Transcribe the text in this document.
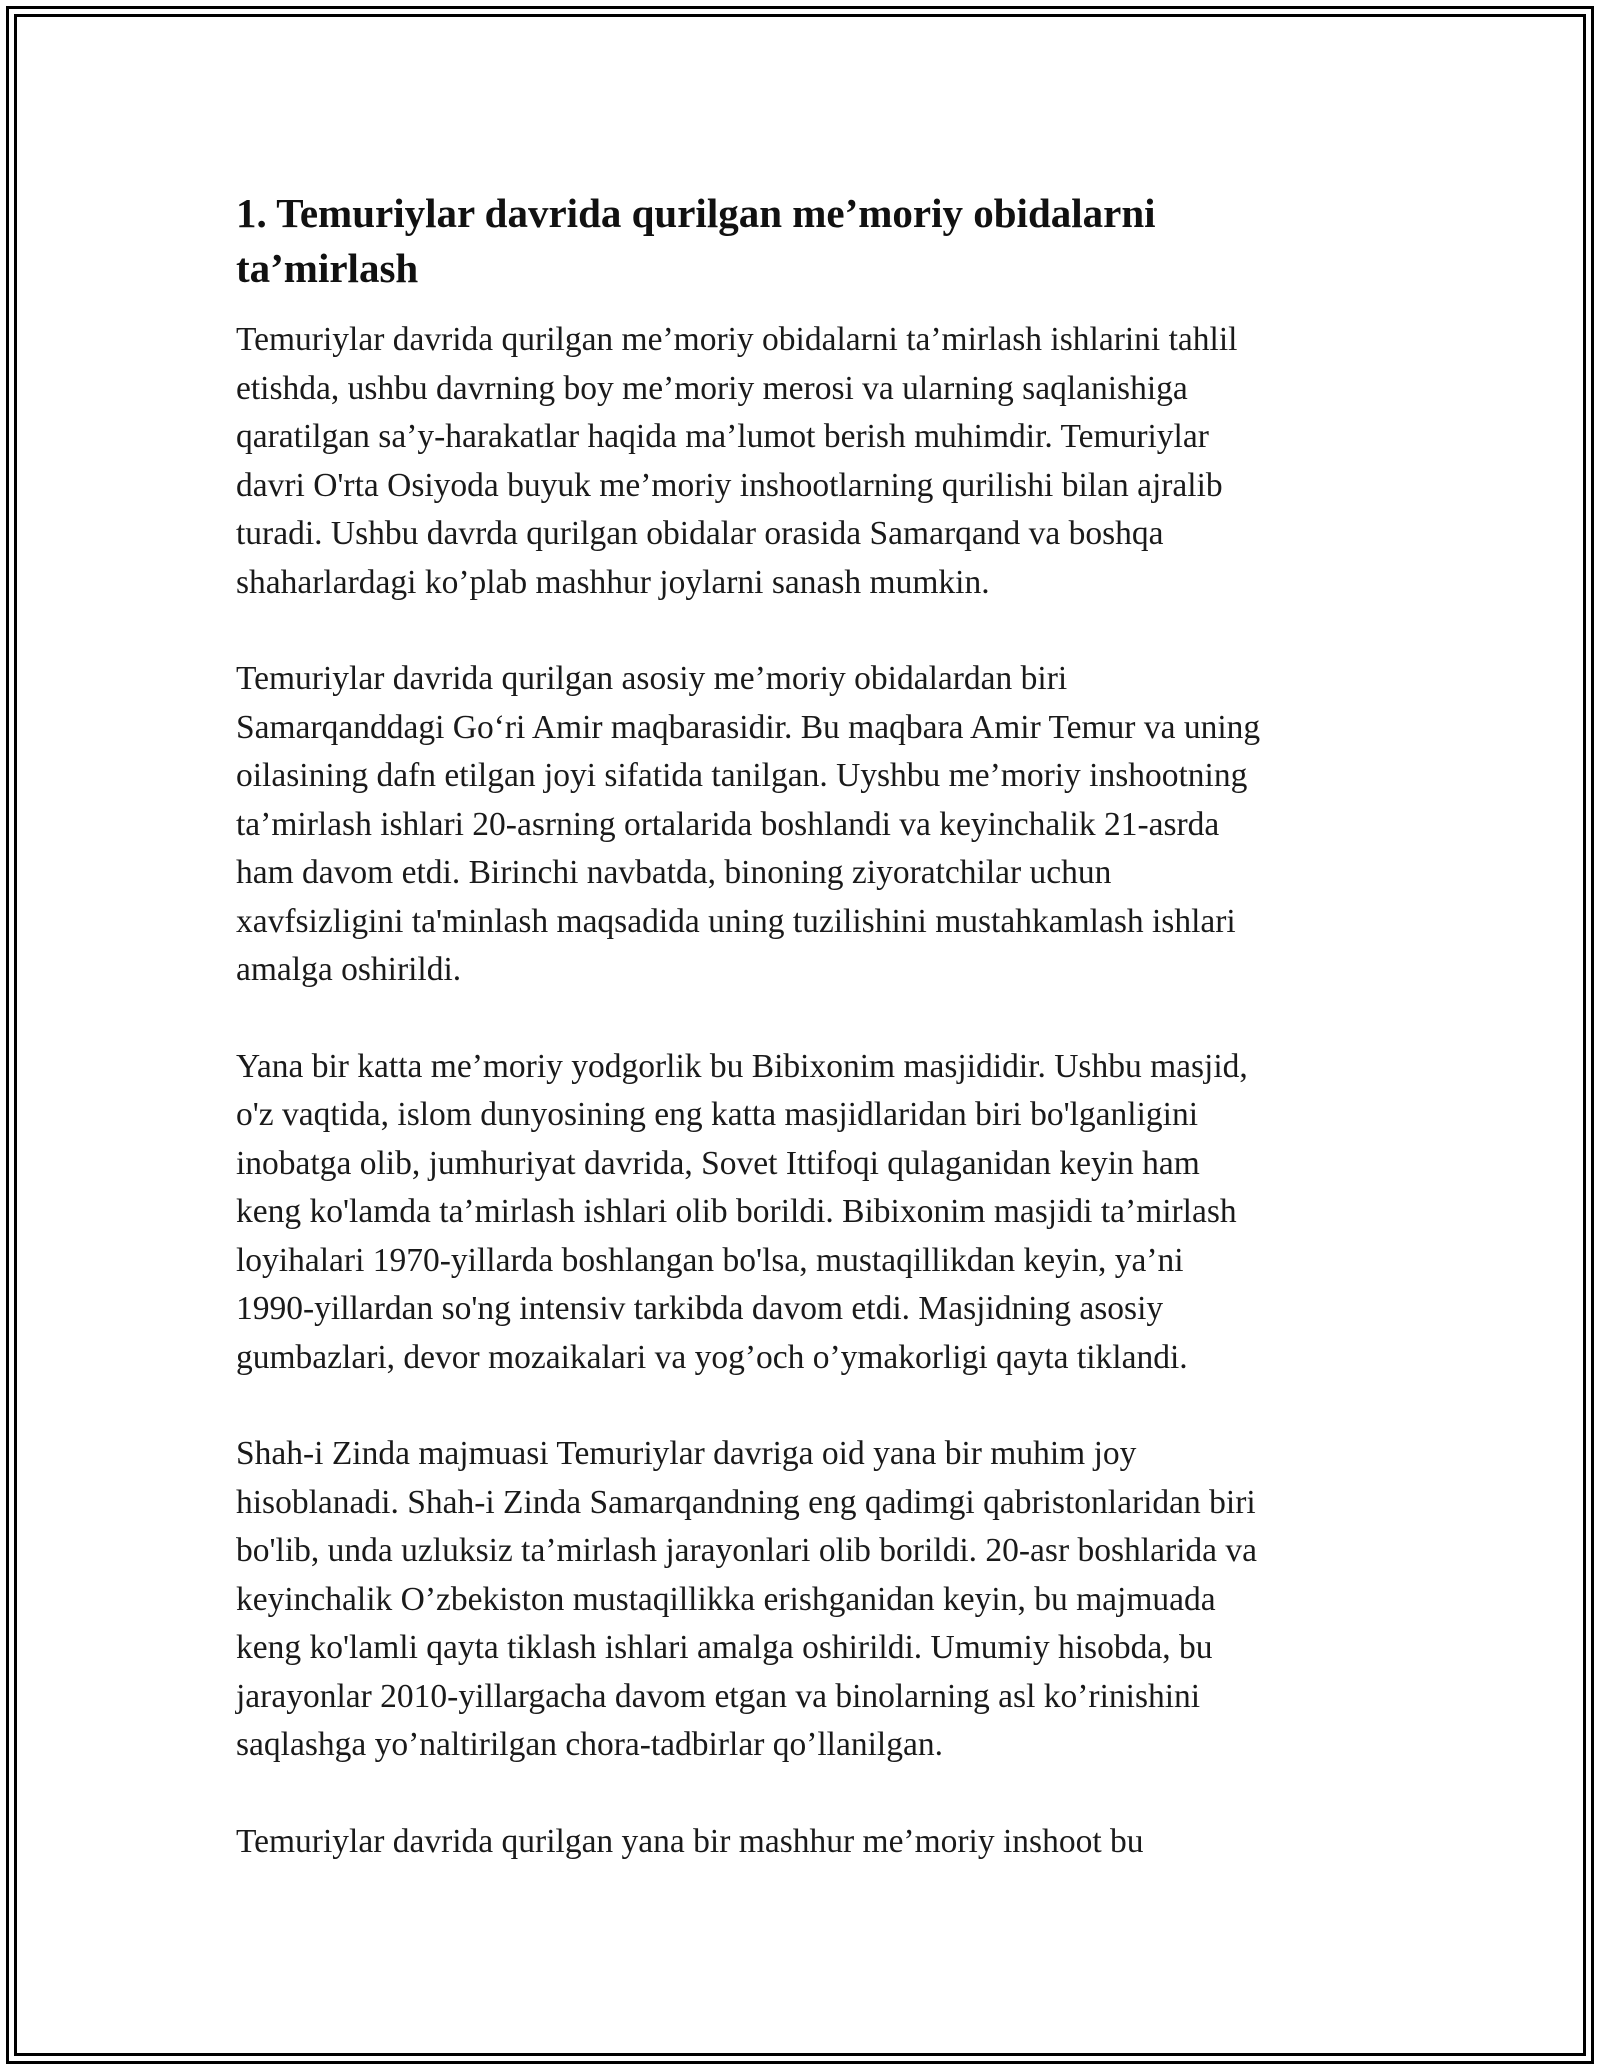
1. Temuriylar davrida qurilgan me’moriy obidalarni
ta’mirlash

Temuriylar davrida qurilgan me’moriy obidalarni ta’mirlash ishlarini tahlil
etishda, ushbu davrning boy me’moriy merosi va ularning saqlanishiga
qaratilgan sa’y-harakatlar haqida ma’lumot berish muhimdir. Temuriylar
davri O'rta Osiyoda buyuk me’moriy inshootlarning qurilishi bilan ajralib
turadi. Ushbu davrda qurilgan obidalar orasida Samarqand va boshqa
shaharlardagi ko’plab mashhur joylarni sanash mumkin.

Temuriylar davrida qurilgan asosiy me’moriy obidalardan biri
Samarqanddagi Go‘ri Amir maqbarasidir. Bu maqbara Amir Temur va uning
oilasining dafn etilgan joyi sifatida tanilgan. Uyshbu me’moriy inshootning
ta’mirlash ishlari 20-asrning ortalarida boshlandi va keyinchalik 21-asrda
ham davom etdi. Birinchi navbatda, binoning ziyoratchilar uchun
xavfsizligini ta'minlash maqsadida uning tuzilishini mustahkamlash ishlari
amalga oshirildi.

Yana bir katta me’moriy yodgorlik bu Bibixonim masjididir. Ushbu masjid,
o'z vaqtida, islom dunyosining eng katta masjidlaridan biri bo'lganligini
inobatga olib, jumhuriyat davrida, Sovet Ittifoqi qulaganidan keyin ham
keng ko'lamda ta’mirlash ishlari olib borildi. Bibixonim masjidi ta’mirlash
loyihalari 1970-yillarda boshlangan bo'lsa, mustaqillikdan keyin, ya’ni
1990-yillardan so'ng intensiv tarkibda davom etdi. Masjidning asosiy
gumbazlari, devor mozaikalari va yog’och o’ymakorligi qayta tiklandi.

Shah-i Zinda majmuasi Temuriylar davriga oid yana bir muhim joy
hisoblanadi. Shah-i Zinda Samarqandning eng qadimgi qabristonlaridan biri
bo'lib, unda uzluksiz ta’mirlash jarayonlari olib borildi. 20-asr boshlarida va
keyinchalik O’zbekiston mustaqillikka erishganidan keyin, bu majmuada
keng ko'lamli qayta tiklash ishlari amalga oshirildi. Umumiy hisobda, bu
jarayonlar 2010-yillargacha davom etgan va binolarning asl ko’rinishini
saqlashga yo’naltirilgan chora-tadbirlar qo’llanilgan.

Temuriylar davrida qurilgan yana bir mashhur me’moriy inshoot bu
